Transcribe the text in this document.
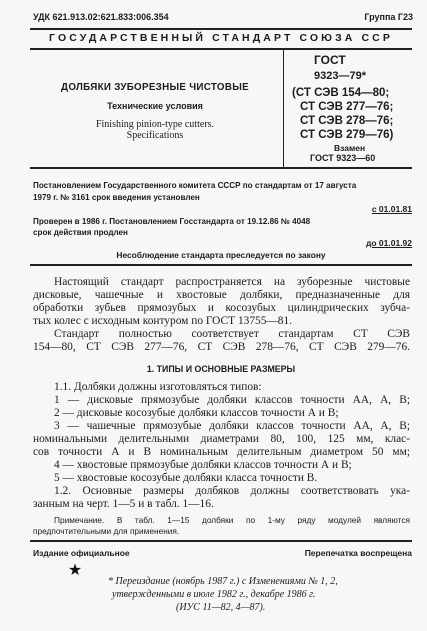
УДК 621.913.02:621.833:006.354	Группа Г23
ГОСУДАРСТВЕННЫЙ СТАНДАРТ СОЮЗА ССР
ДОЛБЯКИ ЗУБОРЕЗНЫЕ ЧИСТОВЫЕ
Технические условия
Finishing pinion-type cutters.
Specifications
ГОСТ
9323—79*
(СТ СЭВ 154—80;
СТ СЭВ 277—76;
СТ СЭВ 278—76;
СТ СЭВ 279—76)
Взамен
ГОСТ 9323—60
Постановлением Государственного комитета СССР по стандартам от 17 августа
1979 г. № 3161 срок введения установлен
с 01.01.81
Проверен в 1986 г. Постановлением Госстандарта от 19.12.86 № 4048
срок действия продлен
до 01.01.92
Несоблюдение стандарта преследуется по закону
Настоящий стандарт распространяется на зуборезные чистовые
дисковые, чашечные и хвостовые долбяки, предназначенные для
обработки зубьев прямозубых и косозубых цилиндрических зубча-
тых колес с исходным контуром по ГОСТ 13755—81.
Стандарт полностью соответствует стандартам СТ СЭВ
154—80, СТ СЭВ 277—76, СТ СЭВ 278—76, СТ СЭВ 279—76.
1. ТИПЫ И ОСНОВНЫЕ РАЗМЕРЫ
1.1. Долбяки должны изготовляться типов:
1 — дисковые прямозубые долбяки классов точности АА, А, В;
2 — дисковые косозубые долбяки классов точности А и В;
3 — чашечные прямозубые долбяки классов точности АА, А, В;
номинальными делительными диаметрами 80, 100, 125 мм, клас-
сов точности А и В номинальным делительным диаметром 50 мм;
4 — хвостовые прямозубые долбяки классов точности А и В;
5 — хвостовые косозубые долбяки класса точности В.
1.2. Основные размеры долбяков должны соответствовать ука-
занным на черт. 1—5 и в табл. 1—16.
Примечание. В табл. 1—15 долбяки по 1-му ряду модулей являются
предпочтительными для применения.
Издание официальное	Перепечатка воспрещена
★
* Переиздание (ноябрь 1987 г.) с Изменениями № 1, 2,
утвержденными в июле 1982 г., декабре 1986 г.
(ИУС 11—82, 4—87).
